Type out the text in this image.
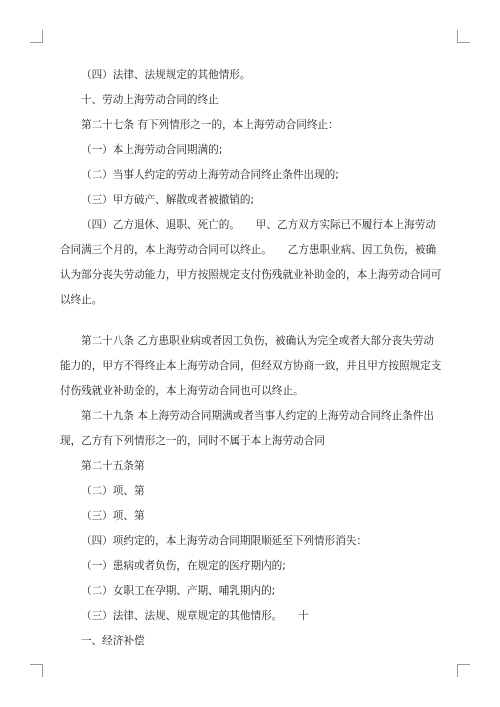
（四）法律、法规规定的其他情形。

十、劳动上海劳动合同的终止

第二十七条 有下列情形之一的，本上海劳动合同终止：

（一）本上海劳动合同期满的;

（二）当事人约定的劳动上海劳动合同终止条件出现的;

（三）甲方破产、解散或者被撤销的;

（四）乙方退休、退职、死亡的。　　甲、乙方双方实际已不履行本上海劳动合同满三个月的，本上海劳动合同可以终止。　　乙方患职业病、因工负伤，被确认为部分丧失劳动能力，甲方按照规定支付伤残就业补助金的，本上海劳动合同可以终止。

第二十八条 乙方患职业病或者因工负伤，被确认为完全或者大部分丧失劳动能力的，甲方不得终止本上海劳动合同，但经双方协商一致，并且甲方按照规定支付伤残就业补助金的，本上海劳动合同也可以终止。

第二十九条 本上海劳动合同期满或者当事人约定的上海劳动合同终止条件出现，乙方有下列情形之一的，同时不属于本上海劳动合同

第二十五条第

（二）项、第

（三）项、第

（四）项约定的，本上海劳动合同期限顺延至下列情形消失：

（一）患病或者负伤，在规定的医疗期内的;

（二）女职工在孕期、产期、哺乳期内的;

（三）法律、法规、规章规定的其他情形。　　十

一、经济补偿
